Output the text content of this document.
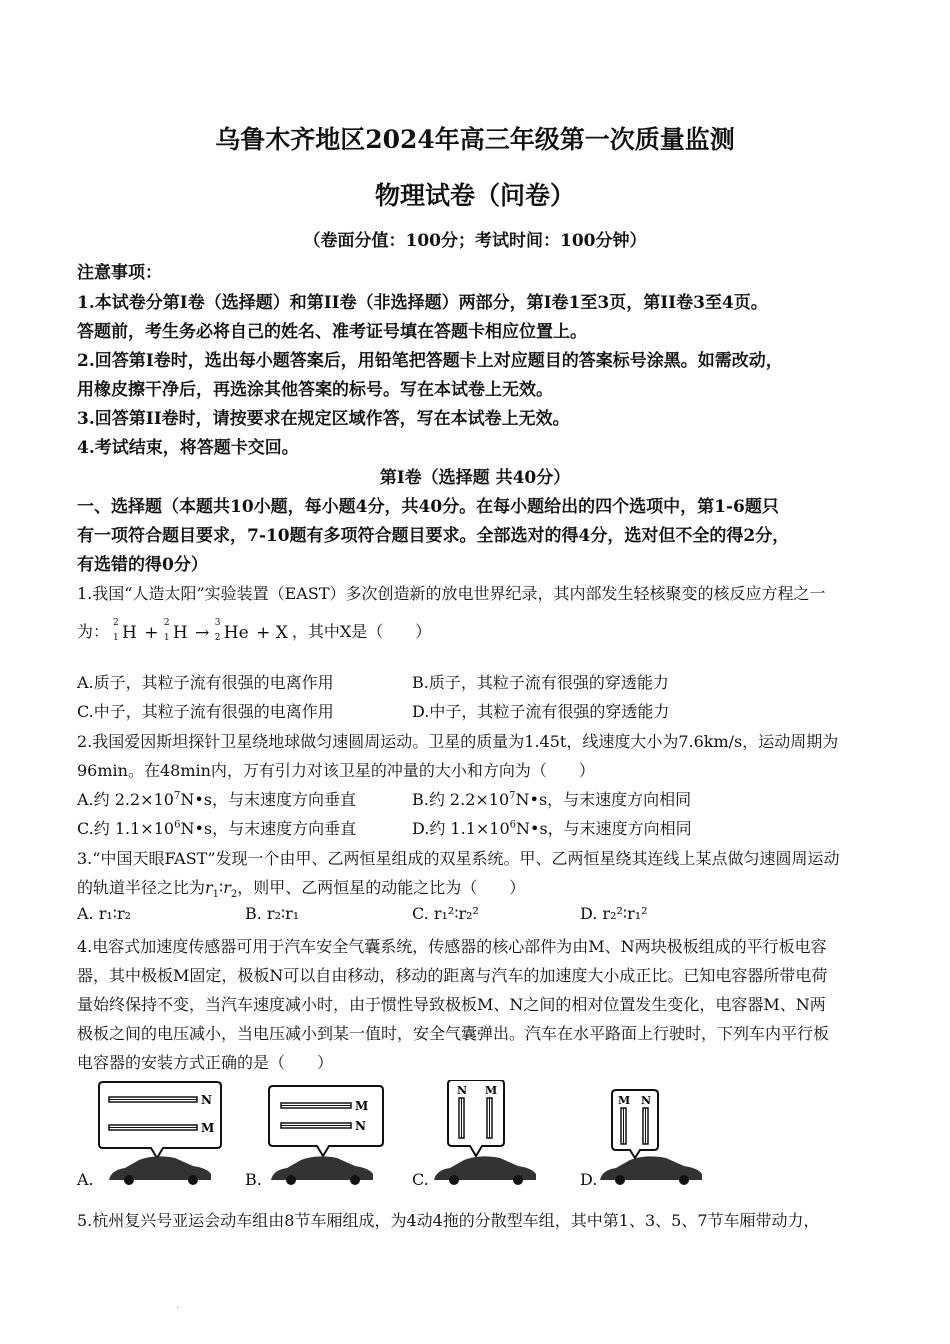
乌鲁木齐地区2024年高三年级第一次质量监测
物理试卷（问卷）
（卷面分值：100分；考试时间：100分钟）
注意事项：
1.本试卷分第I卷（选择题）和第II卷（非选择题）两部分，第I卷1至3页，第II卷3至4页。
答题前，考生务必将自己的姓名、准考证号填在答题卡相应位置上。
2.回答第I卷时，选出每小题答案后，用铅笔把答题卡上对应题目的答案标号涂黑。如需改动，
用橡皮擦干净后，再选涂其他答案的标号。写在本试卷上无效。
3.回答第II卷时，请按要求在规定区域作答，写在本试卷上无效。
4.考试结束，将答题卡交回。
第I卷（选择题 共40分）
一、选择题（本题共10小题，每小题4分，共40分。在每小题给出的四个选项中，第1-6题只
有一项符合题目要求，7-10题有多项符合题目要求。全部选对的得4分，选对但不全的得2分，
有选错的得0分）
1.我国“人造太阳”实验装置（EAST）多次创造新的放电世界纪录，其内部发生轻核聚变的核反应方程之一
为： 2
1 H + 2
1 H → 3
2 He + X ，其中X是（　　）
A.质子，其粒子流有很强的电离作用	B.质子，其粒子流有很强的穿透能力
C.中子，其粒子流有很强的电离作用	D.中子，其粒子流有很强的穿透能力
2.我国爱因斯坦探针卫星绕地球做匀速圆周运动。卫星的质量为1.45t，线速度大小为7.6km/s，运动周期为
96min。在48min内，万有引力对该卫星的冲量的大小和方向为（　　）
A.约 $2.2\times 10^7N•s$，与末速度方向垂直	B.约 $2.2\times 10^7N•s$，与末速度方向相同
C.约 $1.1\times 10^6N•s$，与末速度方向垂直	D.约 $1.1\times 10^6N•s$，与末速度方向相同
3.“中国天眼FAST”发现一个由甲、乙两恒星组成的双星系统。甲、乙两恒星绕其连线上某点做匀速圆周运动
的轨道半径之比为$r_1∶r_2$，则甲、乙两恒星的动能之比为（　　）
A. r₁∶r₂	B. r₂∶r₁	C. r₁²∶r₂²	D. r₂²∶r₁²
4.电容式加速度传感器可用于汽车安全气囊系统，传感器的核心部件为由M、N两块极板组成的平行板电容
器，其中极板M固定，极板N可以自由移动，移动的距离与汽车的加速度大小成正比。已知电容器所带电荷
量始终保持不变，当汽车速度减小时，由于惯性导致极板M、N之间的相对位置发生变化，电容器M、N两
极板之间的电压减小，当电压减小到某一值时，安全气囊弹出。汽车在水平路面上行驶时，下列车内平行板
电容器的安装方式正确的是（　　）
N
M
A.
M
N
B.
N M
C.
M N
D.
5.杭州复兴号亚运会动车组由8节车厢组成，为4动4拖的分散型车组，其中第1、3、5、7节车厢带动力，
.
